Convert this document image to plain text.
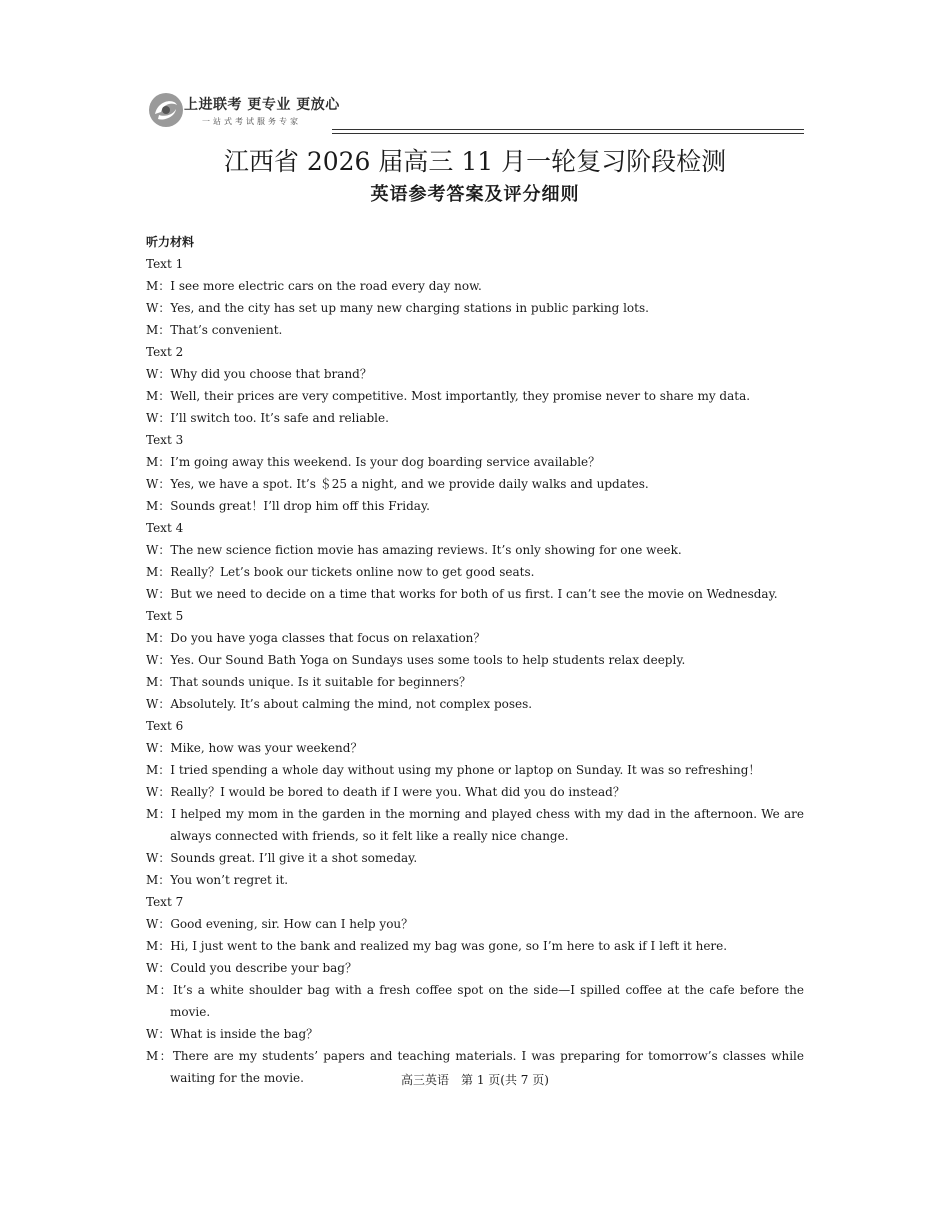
上进联考 更专业 更放心
一站式考试服务专家
江西省 2026 届高三 11 月一轮复习阶段检测
英语参考答案及评分细则
听力材料
Text 1
M：I see more electric cars on the road every day now.
W：Yes, and the city has set up many new charging stations in public parking lots.
M：That’s convenient.
Text 2
W：Why did you choose that brand？
M：Well, their prices are very competitive. Most importantly, they promise never to share my data.
W：I’ll switch too. It’s safe and reliable.
Text 3
M：I’m going away this weekend. Is your dog boarding service available？
W：Yes, we have a spot. It’s ＄25 a night, and we provide daily walks and updates.
M：Sounds great！I’ll drop him off this Friday.
Text 4
W：The new science fiction movie has amazing reviews. It’s only showing for one week.
M：Really？Let’s book our tickets online now to get good seats.
W：But we need to decide on a time that works for both of us first. I can’t see the movie on Wednesday.
Text 5
M：Do you have yoga classes that focus on relaxation？
W：Yes. Our Sound Bath Yoga on Sundays uses some tools to help students relax deeply.
M：That sounds unique. Is it suitable for beginners？
W：Absolutely. It’s about calming the mind, not complex poses.
Text 6
W：Mike, how was your weekend？
M：I tried spending a whole day without using my phone or laptop on Sunday. It was so refreshing！
W：Really？I would be bored to death if I were you. What did you do instead？
M：I helped my mom in the garden in the morning and played chess with my dad in the afternoon. We are always connected with friends, so it felt like a really nice change.
W：Sounds great. I’ll give it a shot someday.
M：You won’t regret it.
Text 7
W：Good evening, sir. How can I help you？
M：Hi, I just went to the bank and realized my bag was gone, so I’m here to ask if I left it here.
W：Could you describe your bag？
M：It’s a white shoulder bag with a fresh coffee spot on the side—I spilled coffee at the cafe before the movie.
W：What is inside the bag？
M：There are my students’ papers and teaching materials. I was preparing for tomorrow’s classes while waiting for the movie.	高三英语　第 1 页(共 7 页)
